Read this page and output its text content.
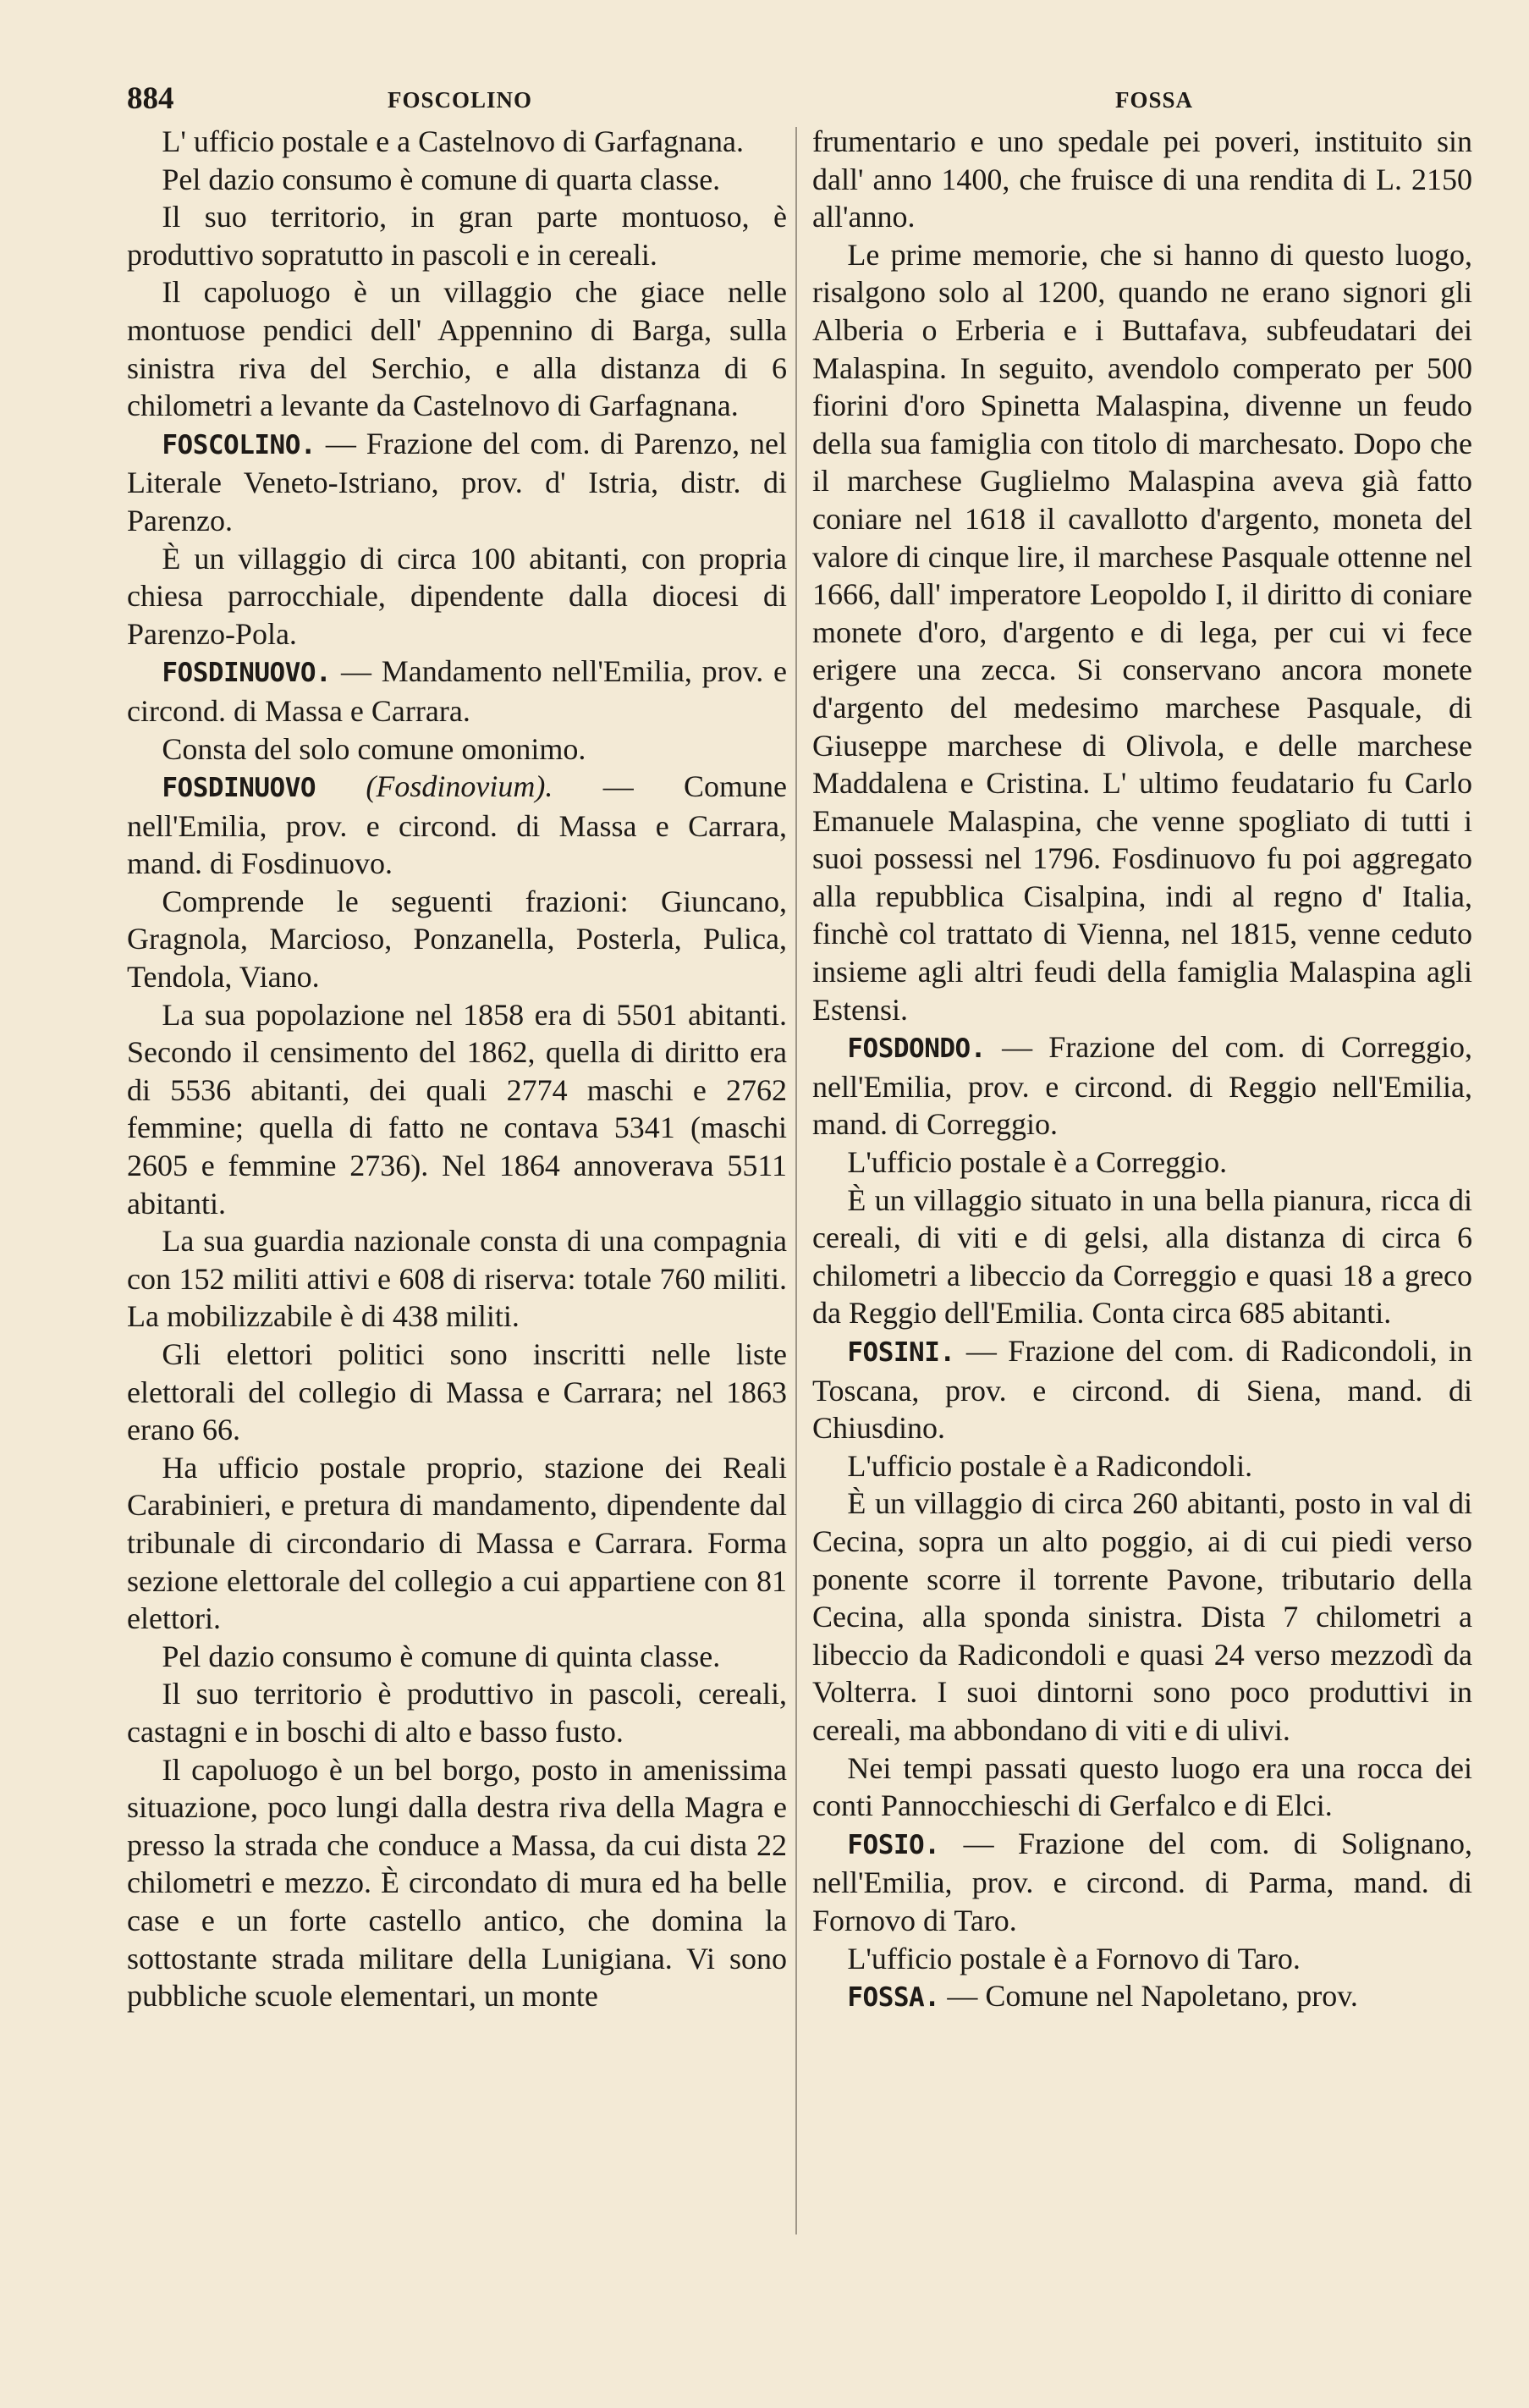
884	FOSCOLINO	FOSSA

L' ufficio postale e a Castelnovo di Garfagnana.

Pel dazio consumo è comune di quarta classe.

Il suo territorio, in gran parte montuoso, è produttivo sopratutto in pascoli e in cereali.

Il capoluogo è un villaggio che giace nelle montuose pendici dell' Appennino di Barga, sulla sinistra riva del Serchio, e alla distanza di 6 chilometri a levante da Castelnovo di Garfagnana.

FOSCOLINO. — Frazione del com. di Parenzo, nel Literale Veneto-Istriano, prov. d' Istria, distr. di Parenzo.

È un villaggio di circa 100 abitanti, con propria chiesa parrocchiale, dipendente dalla diocesi di Parenzo-Pola.

FOSDINUOVO. — Mandamento nell'Emilia, prov. e circond. di Massa e Carrara.

Consta del solo comune omonimo.

FOSDINUOVO (Fosdinovium). — Comune nell'Emilia, prov. e circond. di Massa e Carrara, mand. di Fosdinuovo.

Comprende le seguenti frazioni: Giuncano, Gragnola, Marcioso, Ponzanella, Posterla, Pulica, Tendola, Viano.

La sua popolazione nel 1858 era di 5501 abitanti. Secondo il censimento del 1862, quella di diritto era di 5536 abitanti, dei quali 2774 maschi e 2762 femmine; quella di fatto ne contava 5341 (maschi 2605 e femmine 2736). Nel 1864 annoverava 5511 abitanti.

La sua guardia nazionale consta di una compagnia con 152 militi attivi e 608 di riserva: totale 760 militi. La mobilizzabile è di 438 militi.

Gli elettori politici sono inscritti nelle liste elettorali del collegio di Massa e Carrara; nel 1863 erano 66.

Ha ufficio postale proprio, stazione dei Reali Carabinieri, e pretura di mandamento, dipendente dal tribunale di circondario di Massa e Carrara. Forma sezione elettorale del collegio a cui appartiene con 81 elettori.

Pel dazio consumo è comune di quinta classe.

Il suo territorio è produttivo in pascoli, cereali, castagni e in boschi di alto e basso fusto.

Il capoluogo è un bel borgo, posto in amenissima situazione, poco lungi dalla destra riva della Magra e presso la strada che conduce a Massa, da cui dista 22 chilometri e mezzo. È circondato di mura ed ha belle case e un forte castello antico, che domina la sottostante strada militare della Lunigiana. Vi sono pubbliche scuole elementari, un monte

frumentario e uno spedale pei poveri, instituito sin dall' anno 1400, che fruisce di una rendita di L. 2150 all'anno.

Le prime memorie, che si hanno di questo luogo, risalgono solo al 1200, quando ne erano signori gli Alberia o Erberia e i Buttafava, subfeudatari dei Malaspina. In seguito, avendolo comperato per 500 fiorini d'oro Spinetta Malaspina, divenne un feudo della sua famiglia con titolo di marchesato. Dopo che il marchese Guglielmo Malaspina aveva già fatto coniare nel 1618 il cavallotto d'argento, moneta del valore di cinque lire, il marchese Pasquale ottenne nel 1666, dall' imperatore Leopoldo I, il diritto di coniare monete d'oro, d'argento e di lega, per cui vi fece erigere una zecca. Si conservano ancora monete d'argento del medesimo marchese Pasquale, di Giuseppe marchese di Olivola, e delle marchese Maddalena e Cristina. L' ultimo feudatario fu Carlo Emanuele Malaspina, che venne spogliato di tutti i suoi possessi nel 1796. Fosdinuovo fu poi aggregato alla repubblica Cisalpina, indi al regno d' Italia, finchè col trattato di Vienna, nel 1815, venne ceduto insieme agli altri feudi della famiglia Malaspina agli Estensi.

FOSDONDO. — Frazione del com. di Correggio, nell'Emilia, prov. e circond. di Reggio nell'Emilia, mand. di Correggio.

L'ufficio postale è a Correggio.

È un villaggio situato in una bella pianura, ricca di cereali, di viti e di gelsi, alla distanza di circa 6 chilometri a libeccio da Correggio e quasi 18 a greco da Reggio dell'Emilia. Conta circa 685 abitanti.

FOSINI. — Frazione del com. di Radicondoli, in Toscana, prov. e circond. di Siena, mand. di Chiusdino.

L'ufficio postale è a Radicondoli.

È un villaggio di circa 260 abitanti, posto in val di Cecina, sopra un alto poggio, ai di cui piedi verso ponente scorre il torrente Pavone, tributario della Cecina, alla sponda sinistra. Dista 7 chilometri a libeccio da Radicondoli e quasi 24 verso mezzodì da Volterra. I suoi dintorni sono poco produttivi in cereali, ma abbondano di viti e di ulivi.

Nei tempi passati questo luogo era una rocca dei conti Pannocchieschi di Gerfalco e di Elci.

FOSIO. — Frazione del com. di Solignano, nell'Emilia, prov. e circond. di Parma, mand. di Fornovo di Taro.

L'ufficio postale è a Fornovo di Taro.

FOSSA. — Comune nel Napoletano, prov.
